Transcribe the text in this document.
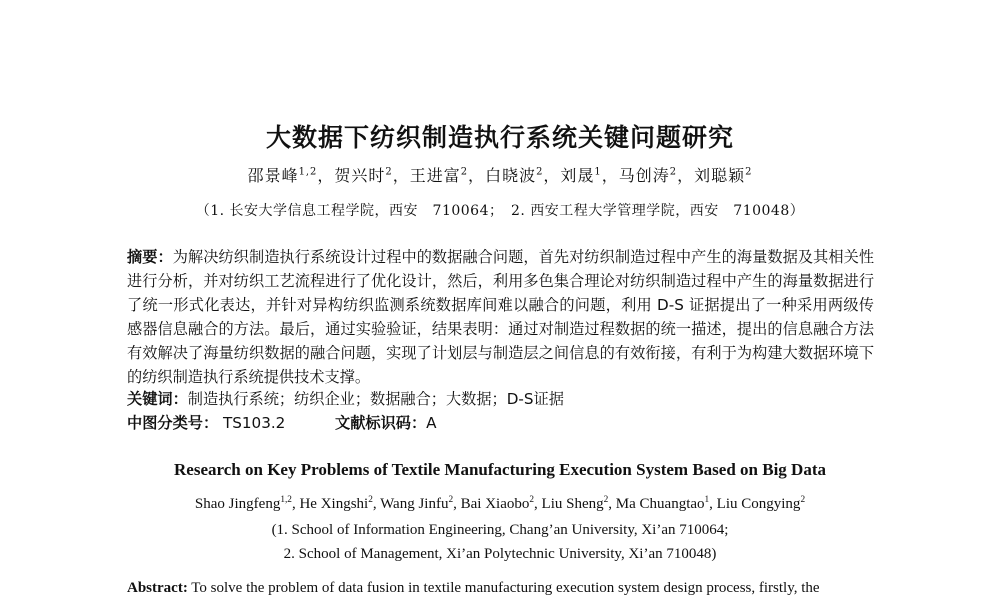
大数据下纺织制造执行系统关键问题研究
邵景峰$^{1,2}$，贺兴时$^2$，王进富$^2$，白晓波$^2$，刘晟$^1$，马创涛$^2$，刘聪颖$^2$
（1. 长安大学信息工程学院，西安　710064；　2. 西安工程大学管理学院，西安　710048）
摘要：为解决纺织制造执行系统设计过程中的数据融合问题，首先对纺织制造过程中产生的海量数据及其相关性进行分析，并对纺织工艺流程进行了优化设计，然后，利用多色集合理论对纺织制造过程中产生的海量数据进行了统一形式化表达，并针对异构纺织监测系统数据库间难以融合的问题，利用 D-S 证据提出了一种采用两级传感器信息融合的方法。最后，通过实验验证，结果表明：通过对制造过程数据的统一描述，提出的信息融合方法有效解决了海量纺织数据的融合问题，实现了计划层与制造层之间信息的有效衔接，有利于为构建大数据环境下的纺织制造执行系统提供技术支撑。
关键词：制造执行系统；纺织企业；数据融合；大数据；D-S证据
中图分类号： TS103.2	文献标识码：A
Research on Key Problems of Textile Manufacturing Execution System Based on Big Data
Shao Jingfeng$^{1,2}$, He Xingshi$^2$, Wang Jinfu$^2$, Bai Xiaobo$^2$, Liu Sheng$^2$, Ma Chuangtao$^1$, Liu Congying$^2$
(1. School of Information Engineering, Chang’an University, Xi’an 710064;
2. School of Management, Xi’an Polytechnic University, Xi’an 710048)
Abstract: To solve the problem of data fusion in textile manufacturing execution system design process, firstly, the
